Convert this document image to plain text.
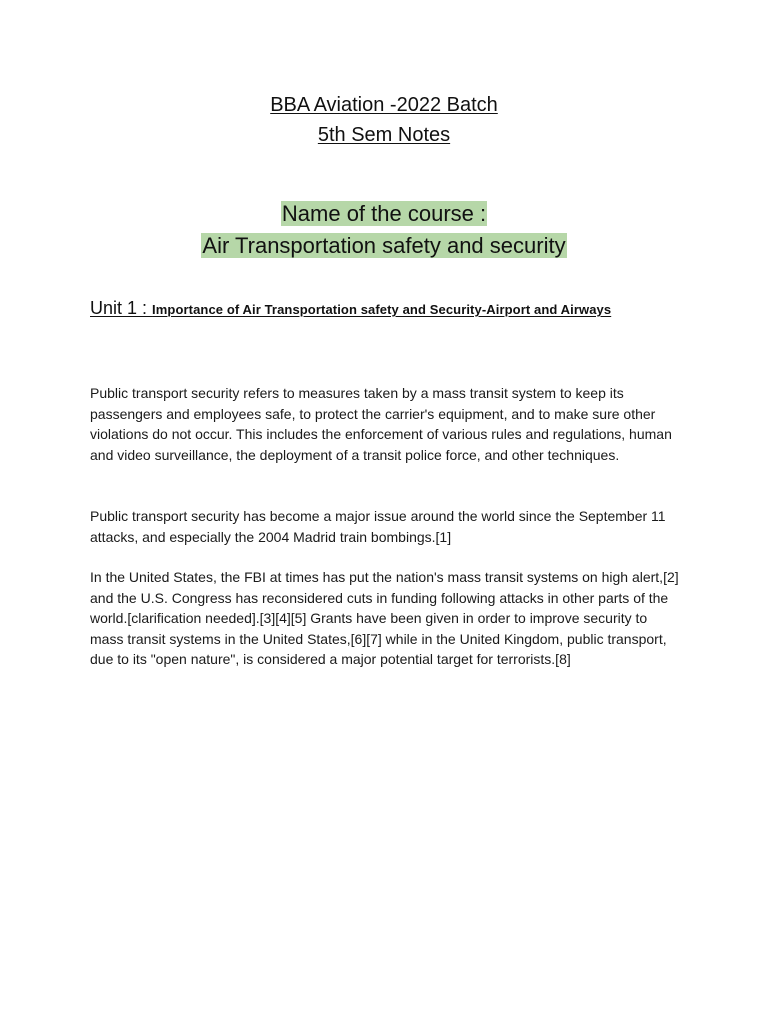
BBA Aviation -2022 Batch
5th Sem Notes
Name of the course :
Air Transportation safety and security
Unit 1 : Importance of Air Transportation safety and Security-Airport and Airways

Public transport security refers to measures taken by a mass transit system to keep its passengers and employees safe, to protect the carrier's equipment, and to make sure other violations do not occur. This includes the enforcement of various rules and regulations, human and video surveillance, the deployment of a transit police force, and other techniques.

Public transport security has become a major issue around the world since the September 11 attacks, and especially the 2004 Madrid train bombings.[1]

In the United States, the FBI at times has put the nation's mass transit systems on high alert,[2] and the U.S. Congress has reconsidered cuts in funding following attacks in other parts of the world.[clarification needed].[3][4][5] Grants have been given in order to improve security to mass transit systems in the United States,[6][7] while in the United Kingdom, public transport, due to its "open nature", is considered a major potential target for terrorists.[8]
